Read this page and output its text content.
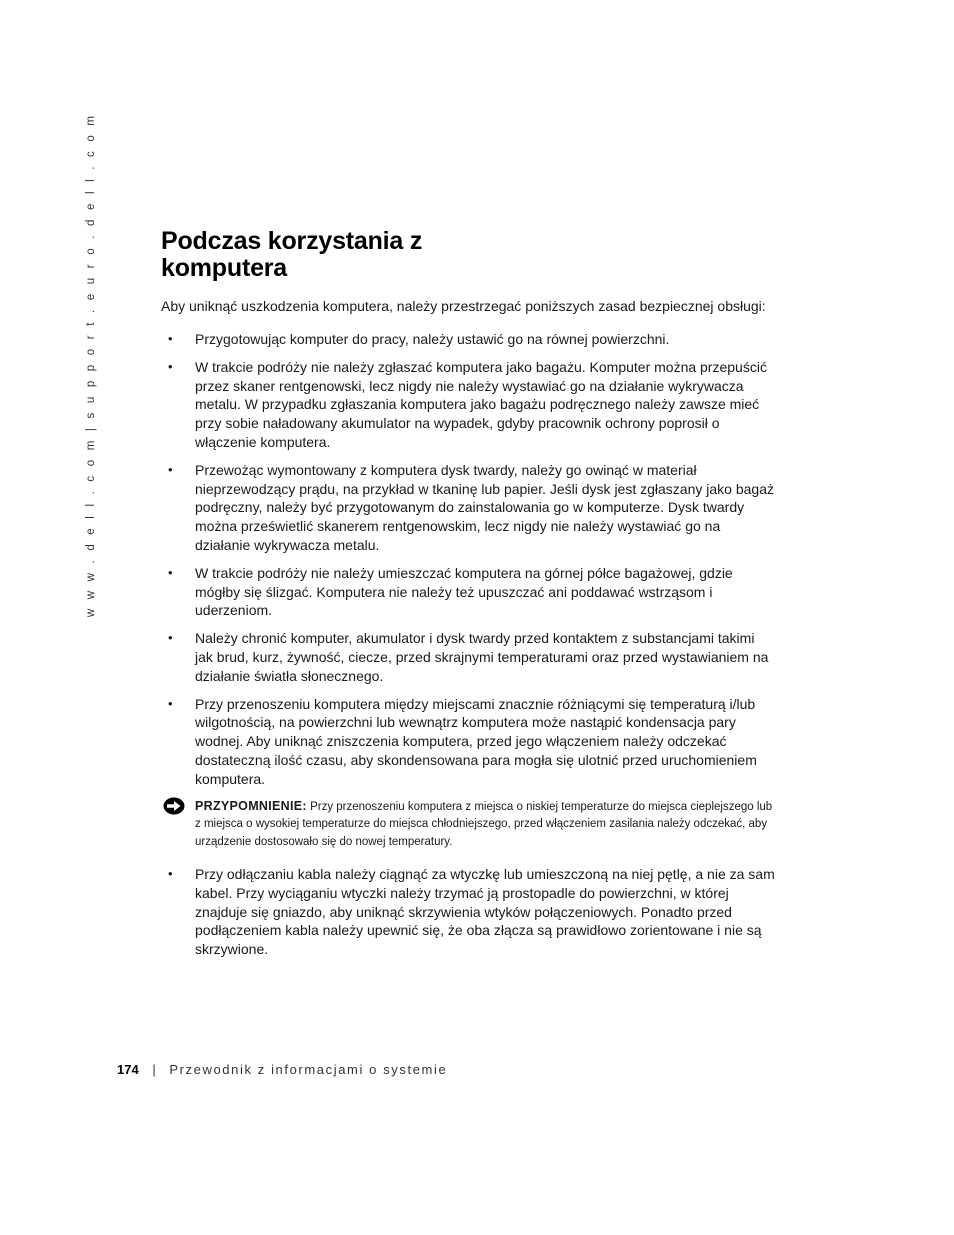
w w w . d e l l . c o m | s u p p o r t . e u r o . d e l l . c o m	Podczas korzystania z
komputera

Aby uniknąć uszkodzenia komputera, należy przestrzegać poniższych zasad bezpiecznej obsługi:

• Przygotowując komputer do pracy, należy ustawić go na równej powierzchni.
• W trakcie podróży nie należy zgłaszać komputera jako bagażu. Komputer można przepuścić przez skaner rentgenowski, lecz nigdy nie należy wystawiać go na działanie wykrywacza metalu. W przypadku zgłaszania komputera jako bagażu podręcznego należy zawsze mieć przy sobie naładowany akumulator na wypadek, gdyby pracownik ochrony poprosił o włączenie komputera.
• Przewożąc wymontowany z komputera dysk twardy, należy go owinąć w materiał nieprzewodzący prądu, na przykład w tkaninę lub papier. Jeśli dysk jest zgłaszany jako bagaż podręczny, należy być przygotowanym do zainstalowania go w komputerze. Dysk twardy można prześwietlić skanerem rentgenowskim, lecz nigdy nie należy wystawiać go na działanie wykrywacza metalu.
• W trakcie podróży nie należy umieszczać komputera na górnej półce bagażowej, gdzie mógłby się ślizgać. Komputera nie należy też upuszczać ani poddawać wstrząsom i uderzeniom.
• Należy chronić komputer, akumulator i dysk twardy przed kontaktem z substancjami takimi jak brud, kurz, żywność, ciecze, przed skrajnymi temperaturami oraz przed wystawianiem na działanie światła słonecznego.
• Przy przenoszeniu komputera między miejscami znacznie różniącymi się temperaturą i/lub wilgotnością, na powierzchni lub wewnątrz komputera może nastąpić kondensacja pary wodnej. Aby uniknąć zniszczenia komputera, przed jego włączeniem należy odczekać dostateczną ilość czasu, aby skondensowana para mogła się ulotnić przed uruchomieniem komputera.
PRZYPOMNIENIE: Przy przenoszeniu komputera z miejsca o niskiej temperaturze do miejsca cieplejszego lub z miejsca o wysokiej temperaturze do miejsca chłodniejszego, przed włączeniem zasilania należy odczekać, aby urządzenie dostosowało się do nowej temperatury.
• Przy odłączaniu kabla należy ciągnąć za wtyczkę lub umieszczoną na niej pętlę, a nie za sam kabel. Przy wyciąganiu wtyczki należy trzymać ją prostopadle do powierzchni, w której znajduje się gniazdo, aby uniknąć skrzywienia wtyków połączeniowych. Ponadto przed podłączeniem kabla należy upewnić się, że oba złącza są prawidłowo zorientowane i nie są skrzywione.
174 | Przewodnik z informacjami o systemie
